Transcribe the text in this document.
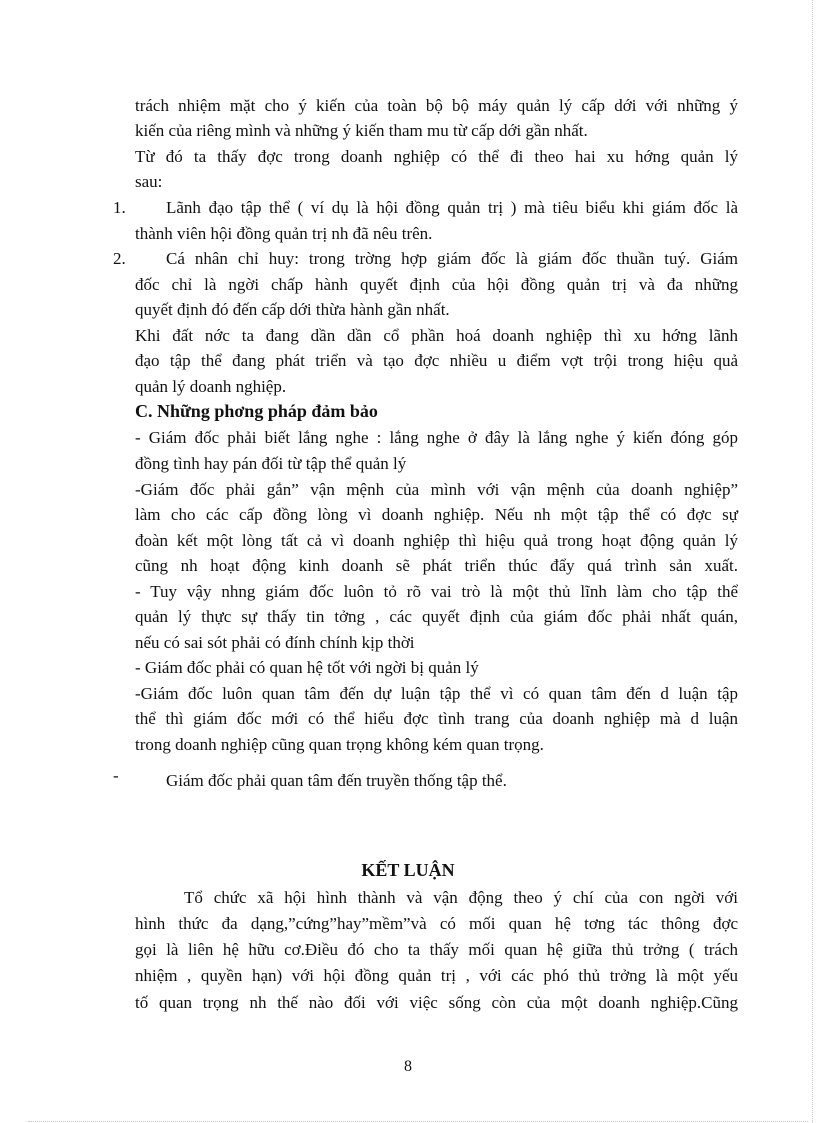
trách nhiệm mặt cho ý kiến của toàn bộ bộ máy quản lý cấp dới với những ý

kiến của riêng mình và những ý kiến tham mu từ cấp dới gần nhất.

Từ đó ta thấy đợc trong doanh nghiệp có thể đi theo hai xu hớng quản lý

sau:

1. Lãnh đạo tập thể ( ví dụ là hội đồng quản trị ) mà tiêu biểu khi giám đốc là

thành viên hội đồng quản trị nh đã nêu trên.

2. Cá nhân chỉ huy: trong trờng hợp giám đốc là giám đốc thuần tuý. Giám

đốc chỉ là ngời chấp hành quyết định của hội đồng quản trị và đa những

quyết định đó đến cấp dới thừa hành gần nhất.

Khi đất nớc ta đang dần dần cổ phần hoá doanh nghiệp thì xu hớng lãnh

đạo tập thể đang phát triển và tạo đợc nhiều u điểm vợt trội trong hiệu quả

quản lý doanh nghiệp.

C. Những phơng pháp đảm bảo

- Giám đốc phải biết lắng nghe : lắng nghe ở đây là lắng nghe ý kiến đóng góp

đồng tình hay pán đối từ tập thể quản lý

-Giám đốc phải gắn” vận mệnh của mình với vận mệnh của doanh nghiệp”

làm cho các cấp đồng lòng vì doanh nghiệp. Nếu nh một tập thể có đợc sự

đoàn kết một lòng tất cả vì doanh nghiệp thì hiệu quả trong hoạt động quản lý

cũng nh hoạt động kinh doanh sẽ phát triển thúc đẩy quá trình sản xuất.

- Tuy vậy nhng giám đốc luôn tỏ rõ vai trò là một thủ lĩnh làm cho tập thể

quản lý thực sự thấy tin tởng , các quyết định của giám đốc phải nhất quán,

nếu có sai sót phải có đính chính kịp thời

- Giám đốc phải có quan hệ tốt với ngời bị quản lý

-Giám đốc luôn quan tâm đến dự luận tập thể vì có quan tâm đến d luận tập

thể thì giám đốc mới có thể hiểu đợc tình trang của doanh nghiệp mà d luận

trong doanh nghiệp cũng quan trọng không kém quan trọng.

-	Giám đốc phải quan tâm đến truyền thống tập thể.

KẾT LUẬN

Tổ chức xã hội hình thành và vận động theo ý chí của con ngời với

hình thức đa dạng,”cứng”hay”mềm”và có mối quan hệ tơng tác thông đợc

gọi là liên hệ hữu cơ.Điều đó cho ta thấy mối quan hệ giữa thủ trởng ( trách

nhiệm , quyền hạn) với hội đồng quản trị , với các phó thủ trởng là một yếu

tố quan trọng nh thế nào đối với việc sống còn của một doanh nghiệp.Cũng

8
